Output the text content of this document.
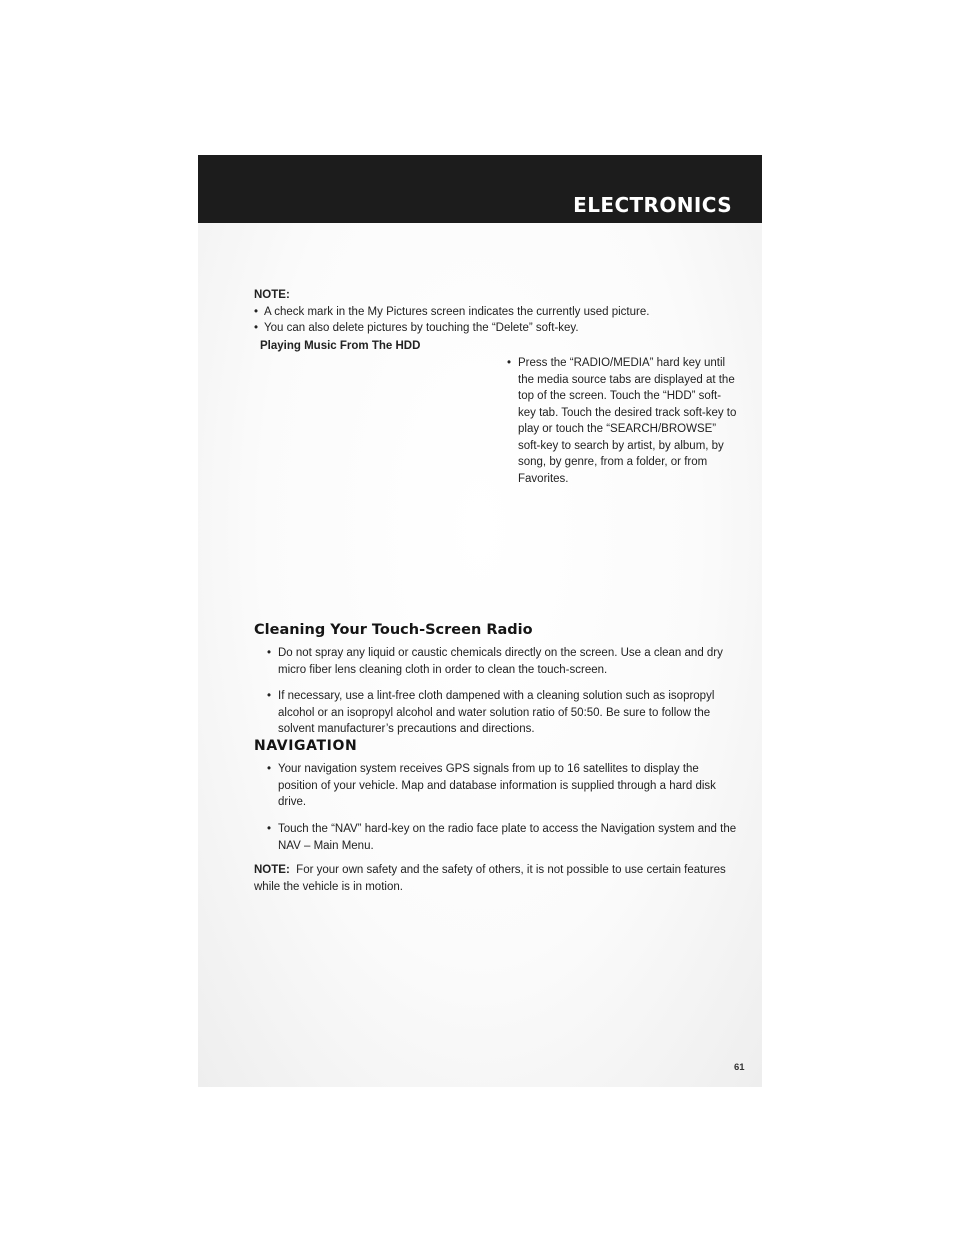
ELECTRONICS
NOTE:
• A check mark in the My Pictures screen indicates the currently used picture.
• You can also delete pictures by touching the “Delete” soft-key.
Playing Music From The HDD
• Press the “RADIO/MEDIA” hard key until the media source tabs are displayed at the top of the screen. Touch the “HDD” soft-key tab. Touch the desired track soft-key to play or touch the “SEARCH/BROWSE” soft-key to search by artist, by album, by song, by genre, from a folder, or from Favorites.
Cleaning Your Touch-Screen Radio
• Do not spray any liquid or caustic chemicals directly on the screen. Use a clean and dry micro fiber lens cleaning cloth in order to clean the touch-screen.
• If necessary, use a lint-free cloth dampened with a cleaning solution such as isopropyl alcohol or an isopropyl alcohol and water solution ratio of 50:50. Be sure to follow the solvent manufacturer’s precautions and directions.
NAVIGATION
• Your navigation system receives GPS signals from up to 16 satellites to display the position of your vehicle. Map and database information is supplied through a hard disk drive.
• Touch the “NAV” hard-key on the radio face plate to access the Navigation system and the NAV – Main Menu.
NOTE: For your own safety and the safety of others, it is not possible to use certain features while the vehicle is in motion.
61
